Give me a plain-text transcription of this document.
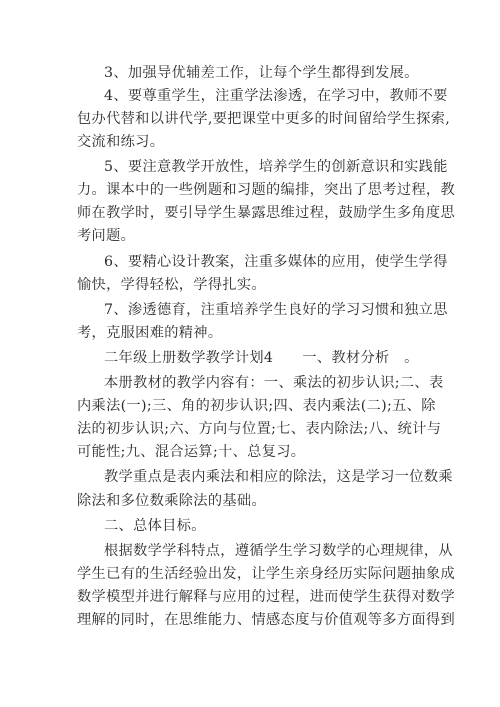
3、加强导优辅差工作，让每个学生都得到发展。
4、要尊重学生，注重学法渗透，在学习中，教师不要
包办代替和以讲代学,要把课堂中更多的时间留给学生探索,
交流和练习。
5、要注意教学开放性，培养学生的创新意识和实践能
力。课本中的一些例题和习题的编排，突出了思考过程，教
师在教学时，要引导学生暴露思维过程，鼓励学生多角度思
考问题。
6、要精心设计教案，注重多媒体的应用，使学生学得
愉快，学得轻松，学得扎实。
7、渗透德育，注重培养学生良好的学习习惯和独立思
考，克服困难的精神。
二年级上册数学教学计划4　　一、教材分析　。
本册教材的教学内容有：一、乘法的初步认识;二、表
内乘法(一);三、角的初步认识;四、表内乘法(二);五、除
法的初步认识;六、方向与位置;七、表内除法;八、统计与
可能性;九、混合运算;十、总复习。
教学重点是表内乘法和相应的除法，这是学习一位数乘
除法和多位数乘除法的基础。
二、总体目标。
根据数学学科特点，遵循学生学习数学的心理规律，从
学生已有的生活经验出发，让学生亲身经历实际问题抽象成
数学模型并进行解释与应用的过程，进而使学生获得对数学
理解的同时，在思维能力、情感态度与价值观等多方面得到
